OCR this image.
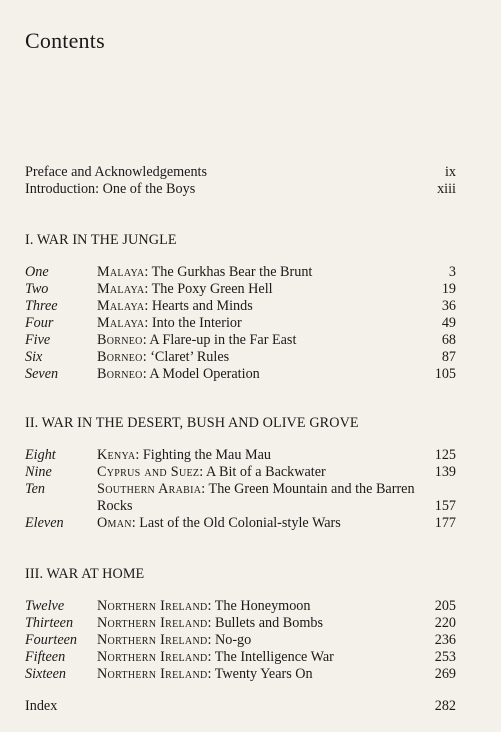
Contents
Preface and Acknowledgements	ix
Introduction: One of the Boys	xiii
I. WAR IN THE JUNGLE
One	Malaya: The Gurkhas Bear the Brunt	3
Two	Malaya: The Poxy Green Hell	19
Three	Malaya: Hearts and Minds	36
Four	Malaya: Into the Interior	49
Five	Borneo: A Flare-up in the Far East	68
Six	Borneo: ‘Claret’ Rules	87
Seven	Borneo: A Model Operation	105
II. WAR IN THE DESERT, BUSH AND OLIVE GROVE
Eight	Kenya: Fighting the Mau Mau	125
Nine	Cyprus and Suez: A Bit of a Backwater	139
Ten	Southern Arabia: The Green Mountain and the Barren Rocks	157
Eleven Oman: Last of the Old Colonial-style Wars	177
III. WAR AT HOME
Twelve Northern Ireland: The Honeymoon	205
Thirteen Northern Ireland: Bullets and Bombs	220
Fourteen Northern Ireland: No-go	236
Fifteen Northern Ireland: The Intelligence War	253
Sixteen Northern Ireland: Twenty Years On	269
Index	282
